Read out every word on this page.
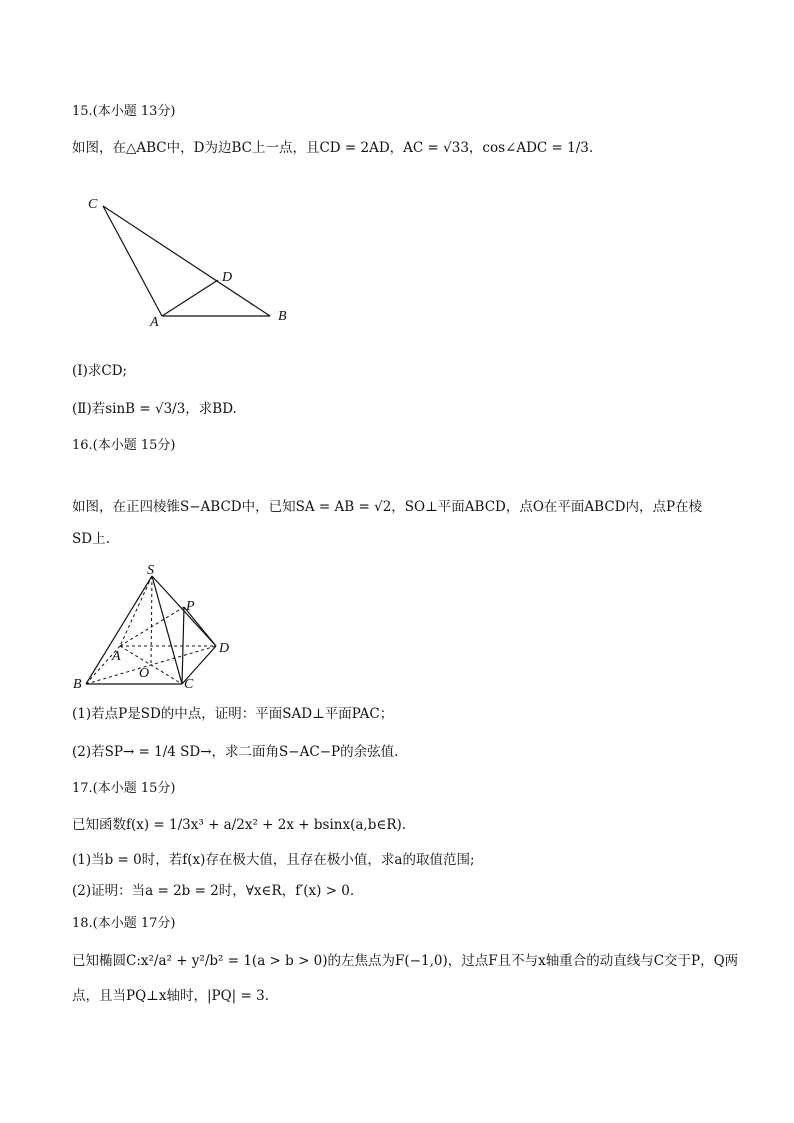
15.(本小题 13分)
如图，在△ABC中，D为边BC上一点，且CD = 2AD，AC = √33，cos∠ADC = 1/3.
C
D
A	B
(Ⅰ)求CD;
(Ⅱ)若sinB = √3/3，求BD.
16.(本小题 15分)
如图，在正四棱锥S−ABCD中，已知SA = AB = √2，SO⊥平面ABCD，点O在平面ABCD内，点P在棱
SD上.
S
P
A
D
O
B	C
(1)若点P是SD的中点，证明：平面SAD⊥平面PAC；
(2)若SP→ = 1/4 SD→，求二面角S−AC−P的余弦值.
17.(本小题 15分)
已知函数f(x) = 1/3x³ + a/2x² + 2x + bsinx(a,b∈R).
(1)当b = 0时，若f(x)存在极大值，且存在极小值，求a的取值范围;
(2)证明：当a = 2b = 2时，∀x∈R，f′(x) > 0.
18.(本小题 17分)
已知椭圆C:x²/a² + y²/b² = 1(a > b > 0)的左焦点为F(−1,0)，过点F且不与x轴重合的动直线与C交于P，Q两
点，且当PQ⊥x轴时，|PQ| = 3.
